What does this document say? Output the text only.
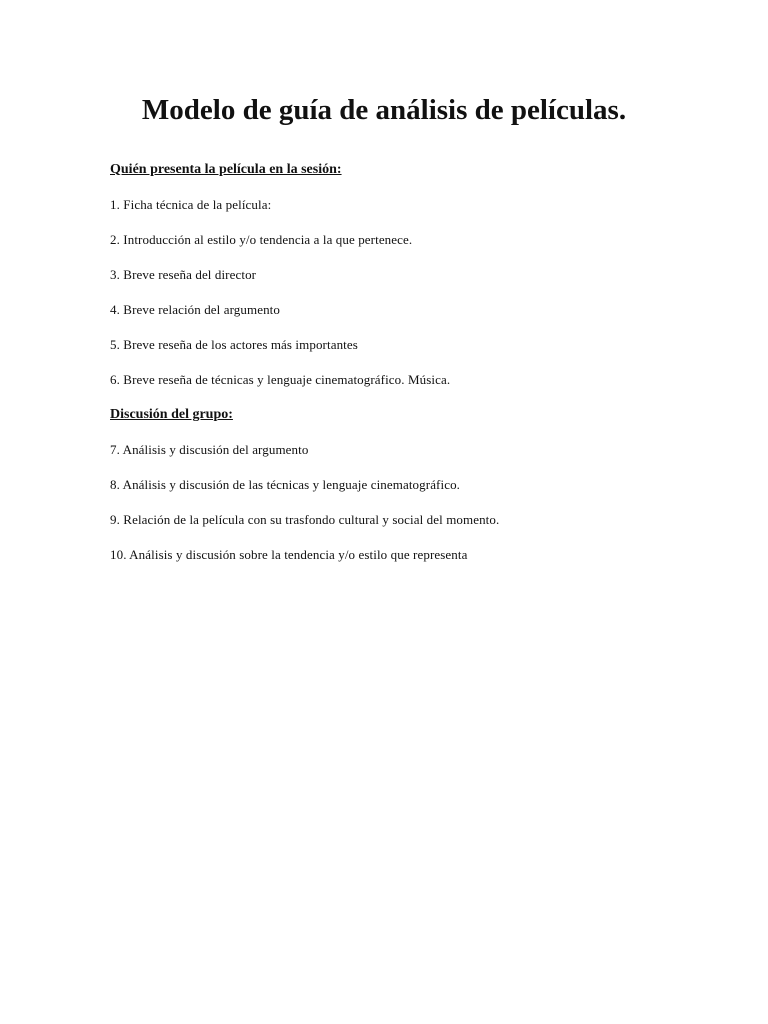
Modelo de guía de análisis de películas.

Quién presenta la película en la sesión:

1. Ficha técnica de la película:

2. Introducción al estilo y/o tendencia a la que pertenece.

3. Breve reseña del director

4. Breve relación del argumento

5. Breve reseña de los actores más importantes

6. Breve reseña de técnicas y lenguaje cinematográfico. Música.

Discusión del grupo:

7. Análisis y discusión del argumento

8. Análisis y discusión de las técnicas y lenguaje cinematográfico.

9. Relación de la película con su trasfondo cultural y social del momento.

10. Análisis y discusión sobre la tendencia y/o estilo que representa
